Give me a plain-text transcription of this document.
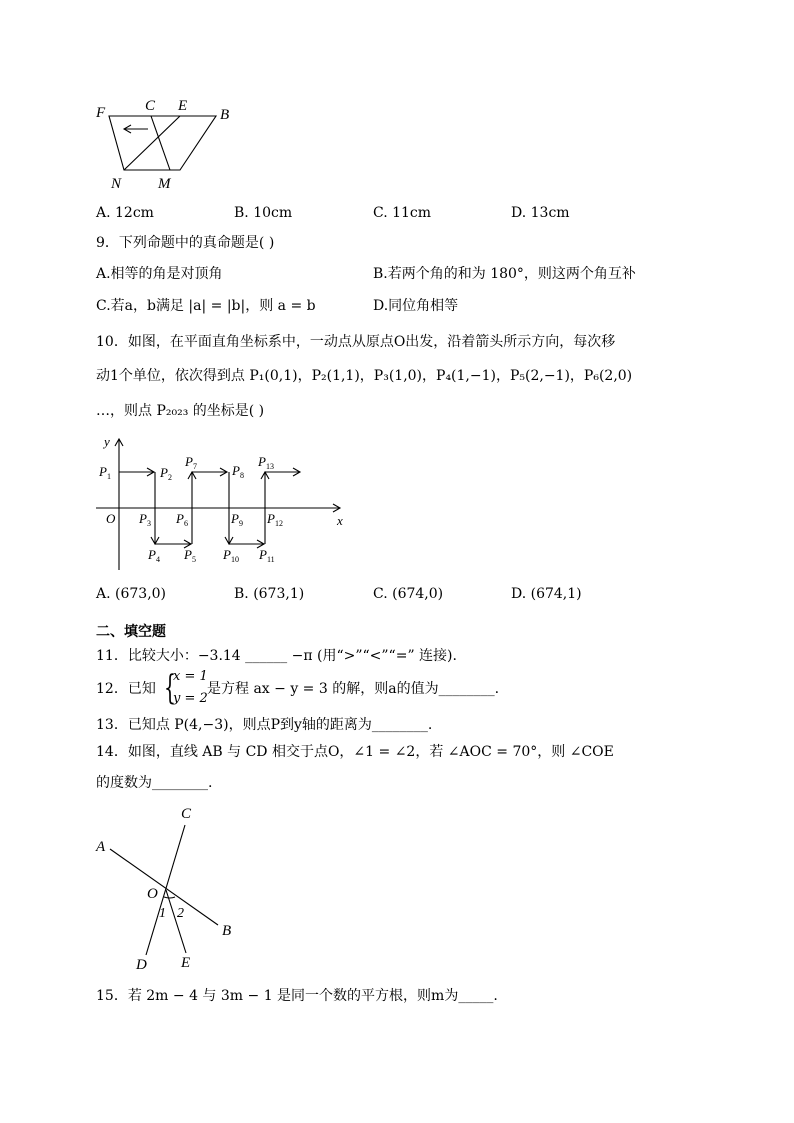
F	C E
B
N M
A. 12cm	B. 10cm	C. 11cm	D. 13cm
9．下列命题中的真命题是( )
A.相等的角是对顶角	B.若两个角的和为 180°，则这两个角互补
C.若a，b满足 |a| = |b|，则 a = b	D.同位角相等
10．如图，在平面直角坐标系中，一动点从原点O出发，沿着箭头所示方向，每次移
动1个单位，依次得到点 P₁(0,1)，P₂(1,1)，P₃(1,0)，P₄(1,−1)，P₅(2,−1)，P₆(2,0)
…，则点 P₂₀₂₃ 的坐标是( )
y
x
O
$P_1$	$P_2$
$P_3$
$P_4$ $P_5$
$P_6$
$P_7$	$P_8$
$P_9$
$P_{10}$ $P_{11}$
$P_{12}$
$P_{13}$
A. (673,0)	B. (673,1)	C. (674,0)	D. (674,1)
二、填空题
11．比较大小：−3.14 ______ −π (用“>”“<”“=” 连接).
12．已知 {
x = 1
y = 2
是方程 ax − y = 3 的解，则a的值为________.
13．已知点 P(4,−3)，则点P到y轴的距离为________.
14．如图，直线 AB 与 CD 相交于点O，∠1 = ∠2，若 ∠AOC = 70°，则 ∠COE
的度数为________.
A
B
C
D E
O
1 2
15．若 2m − 4 与 3m − 1 是同一个数的平方根，则m为_____.
